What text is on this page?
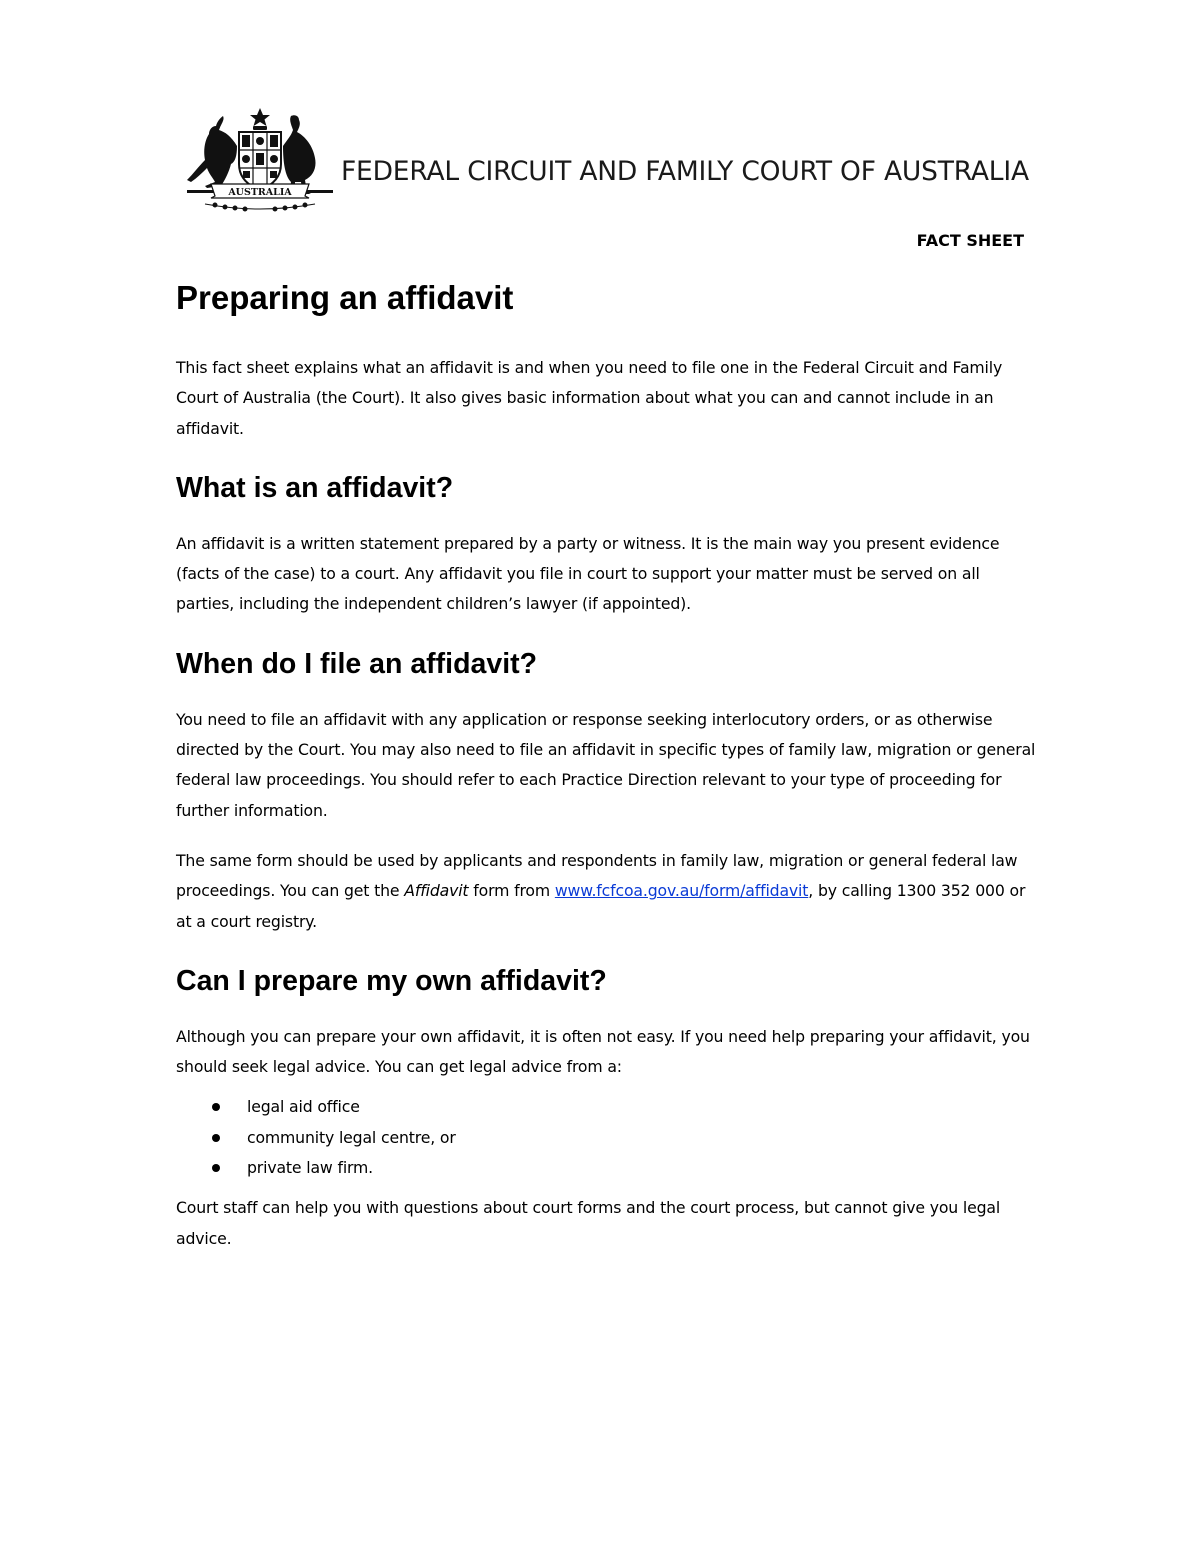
AUSTRALIA
FEDERAL CIRCUIT AND FAMILY COURT OF AUSTRALIA
FACT SHEET
Preparing an affidavit

This fact sheet explains what an affidavit is and when you need to file one in the Federal Circuit and Family Court of Australia (the Court). It also gives basic information about what you can and cannot include in an affidavit.

What is an affidavit?

An affidavit is a written statement prepared by a party or witness. It is the main way you present evidence (facts of the case) to a court. Any affidavit you file in court to support your matter must be served on all parties, including the independent children’s lawyer (if appointed).

When do I file an affidavit?

You need to file an affidavit with any application or response seeking interlocutory orders, or as otherwise directed by the Court. You may also need to file an affidavit in specific types of family law, migration or general federal law proceedings. You should refer to each Practice Direction relevant to your type of proceeding for further information.

The same form should be used by applicants and respondents in family law, migration or general federal law proceedings. You can get the Affidavit form from www.fcfcoa.gov.au/form/affidavit, by calling 1300 352 000 or at a court registry.

Can I prepare my own affidavit?

Although you can prepare your own affidavit, it is often not easy. If you need help preparing your affidavit, you should seek legal advice. You can get legal advice from a:

legal aid office
community legal centre, or
private law firm.

Court staff can help you with questions about court forms and the court process, but cannot give you legal advice.
